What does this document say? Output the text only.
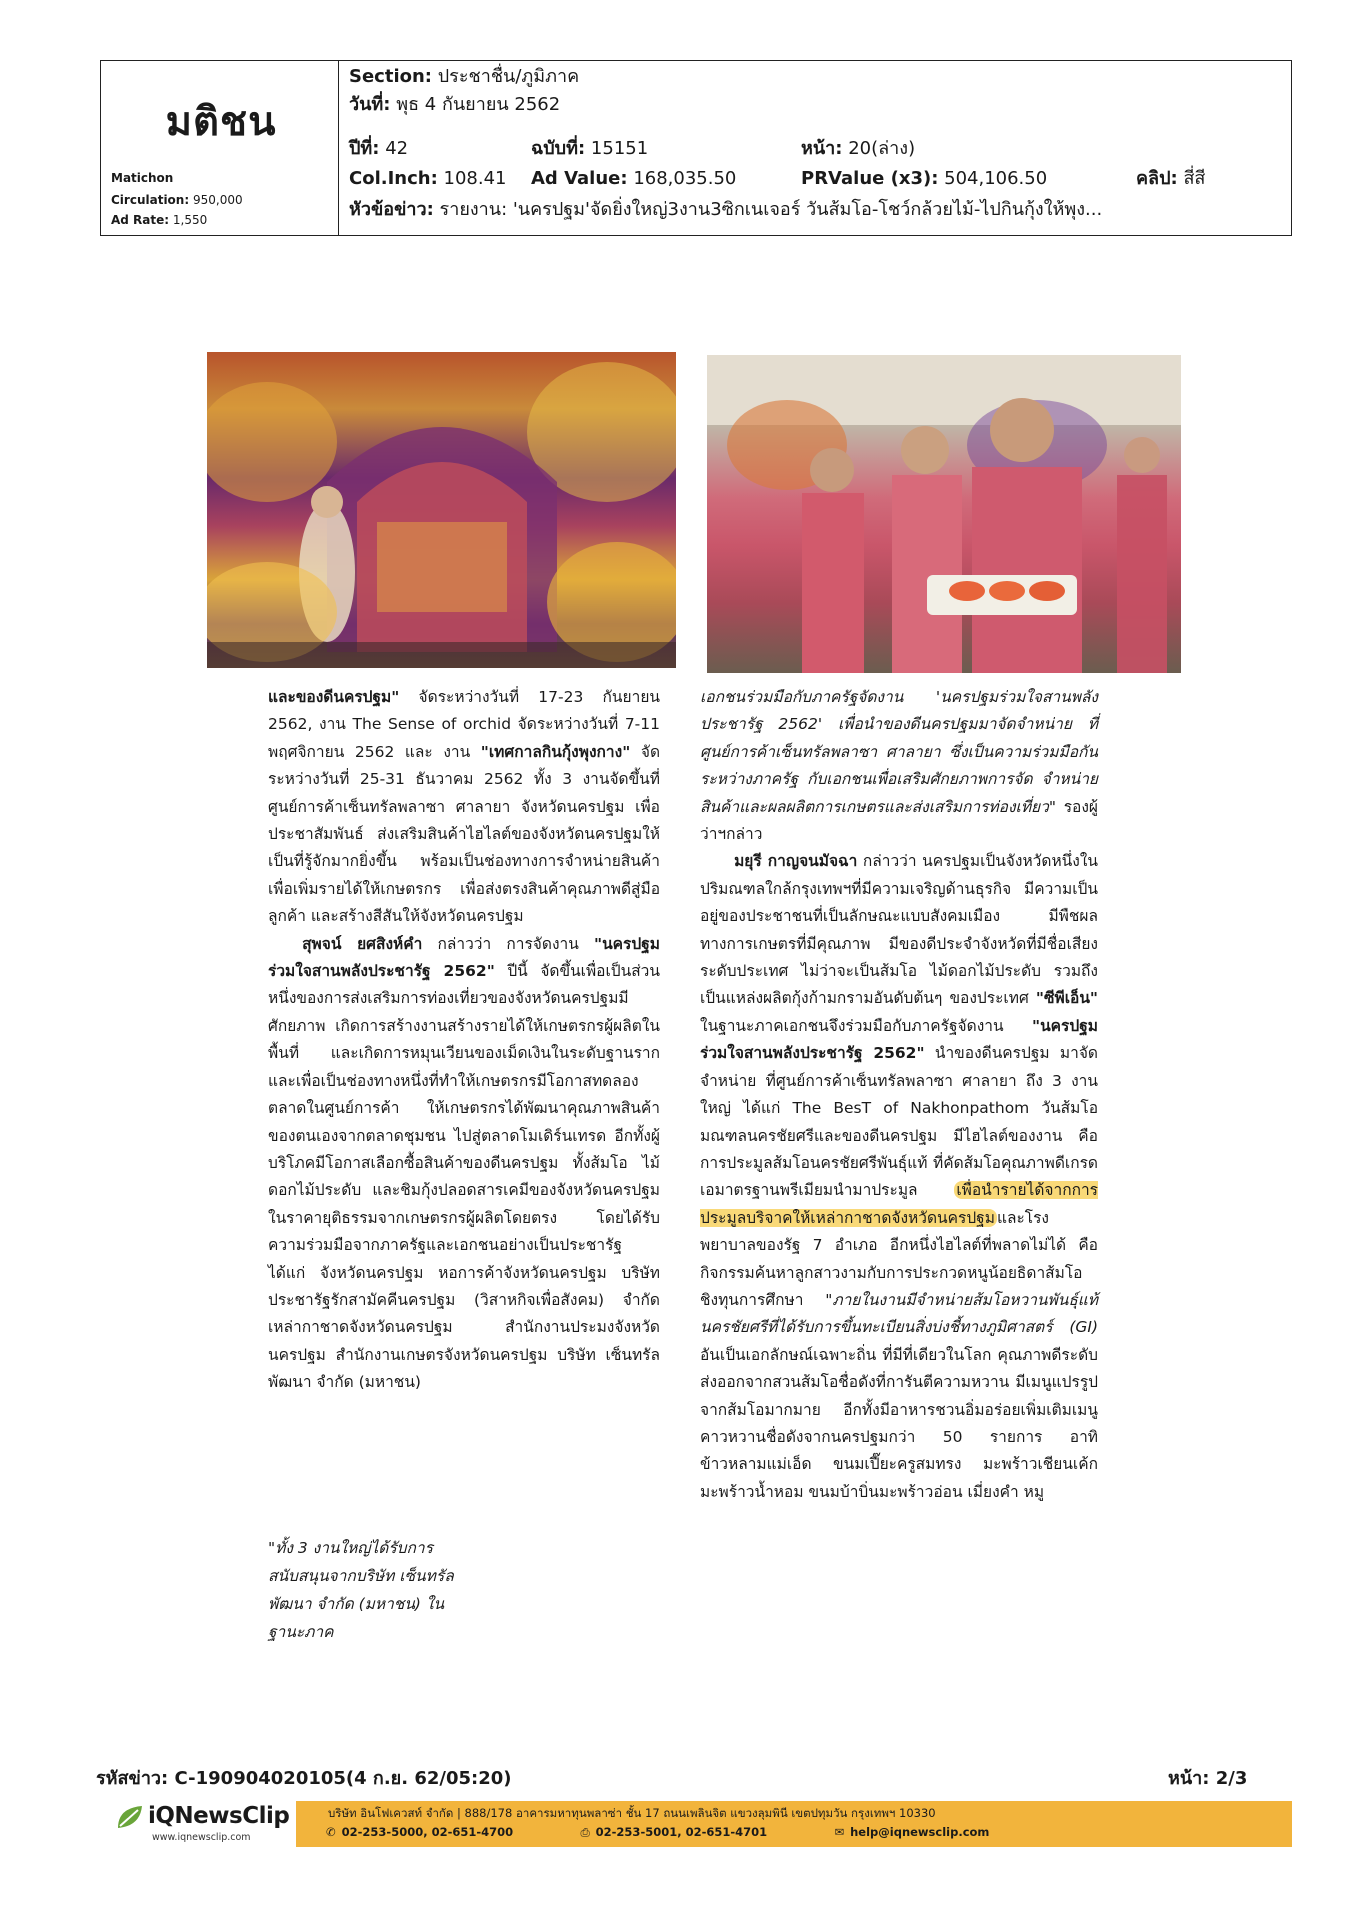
มติชน
Matichon
Circulation: 950,000
Ad Rate: 1,550
Section: ประชาชื่น/ภูมิภาค
วันที่: พุธ 4 กันยายน 2562
ปีที่: 42	ฉบับที่: 15151	หน้า: 20(ล่าง)
Col.Inch: 108.41 Ad Value: 168,035.50	PRValue (x3): 504,106.50	คลิป: สี่สี
หัวข้อข่าว: รายงาน: 'นครปฐม'จัดยิ่งใหญ่3งาน3ซิกเนเจอร์ วันส้มโอ-โชว์กล้วยไม้-ไปกินกุ้งให้พุง...

และของดีนครปฐม" จัดระหว่างวันที่ 17-23 กันยายน 2562, งาน The Sense of orchid จัดระหว่างวันที่ 7-11 พฤศจิกายน 2562 และ งาน "เทศกาลกินกุ้งพุงกาง" จัดระหว่างวันที่ 25-31 ธันวาคม 2562 ทั้ง 3 งานจัดขึ้นที่ศูนย์การค้าเซ็นทรัลพลาซา ศาลายา จังหวัดนครปฐม เพื่อประชาสัมพันธ์ ส่งเสริมสินค้าไฮไลต์ของจังหวัดนครปฐมให้เป็นที่รู้จักมากยิ่งขึ้น พร้อมเป็นช่องทางการจำหน่ายสินค้าเพื่อเพิ่มรายได้ให้เกษตรกร เพื่อส่งตรงสินค้าคุณภาพดีสู่มือลูกค้า และสร้างสีสันให้จังหวัดนครปฐม

สุพจน์ ยศสิงห์คำ กล่าวว่า การจัดงาน "นครปฐมร่วมใจสานพลังประชารัฐ 2562" ปีนี้ จัดขึ้นเพื่อเป็นส่วนหนึ่งของการส่งเสริมการท่องเที่ยวของจังหวัดนครปฐมมีศักยภาพ เกิดการสร้างงานสร้างรายได้ให้เกษตรกรผู้ผลิตในพื้นที่ และเกิดการหมุนเวียนของเม็ดเงินในระดับฐานราก และเพื่อเป็นช่องทางหนึ่งที่ทำให้เกษตรกรมีโอกาสทดลองตลาดในศูนย์การค้า ให้เกษตรกรได้พัฒนาคุณภาพสินค้าของตนเองจากตลาดชุมชน ไปสู่ตลาดโมเดิร์นเทรด อีกทั้งผู้บริโภคมีโอกาสเลือกซื้อสินค้าของดีนครปฐม ทั้งส้มโอ ไม้ดอกไม้ประดับ และชิมกุ้งปลอดสารเคมีของจังหวัดนครปฐมในราคายุติธรรมจากเกษตรกรผู้ผลิตโดยตรง โดยได้รับความร่วมมือจากภาครัฐและเอกชนอย่างเป็นประชารัฐ ได้แก่ จังหวัดนครปฐม หอการค้าจังหวัดนครปฐม บริษัท ประชารัฐรักสามัคคีนครปฐม (วิสาหกิจเพื่อสังคม) จำกัด เหล่ากาชาดจังหวัดนครปฐม สำนักงานประมงจังหวัดนครปฐม สำนักงานเกษตรจังหวัดนครปฐม บริษัท เซ็นทรัลพัฒนา จำกัด (มหาชน)

"ทั้ง 3 งานใหญ่ได้รับการสนับสนุนจากบริษัท เซ็นทรัลพัฒนา จำกัด (มหาชน) ในฐานะภาค

เอกชนร่วมมือกับภาครัฐจัดงาน 'นครปฐมร่วมใจสานพลังประชารัฐ 2562' เพื่อนำของดีนครปฐมมาจัดจำหน่าย ที่ศูนย์การค้าเซ็นทรัลพลาซา ศาลายา ซึ่งเป็นความร่วมมือกันระหว่างภาครัฐ กับเอกชนเพื่อเสริมศักยภาพการจัด จำหน่าย สินค้าและผลผลิตการเกษตรและส่งเสริมการท่องเที่ยว" รองผู้ว่าฯกล่าว

มยุรี กาญจนมัจฉา กล่าวว่า นครปฐมเป็นจังหวัดหนึ่งในปริมณฑลใกล้กรุงเทพฯที่มีความเจริญด้านธุรกิจ มีความเป็นอยู่ของประชาชนที่เป็นลักษณะแบบสังคมเมือง มีพืชผลทางการเกษตรที่มีคุณภาพ มีของดีประจำจังหวัดที่มีชื่อเสียงระดับประเทศ ไม่ว่าจะเป็นส้มโอ ไม้ดอกไม้ประดับ รวมถึงเป็นแหล่งผลิตกุ้งก้ามกรามอันดับต้นๆ ของประเทศ "ซีพีเอ็น" ในฐานะภาคเอกชนจึงร่วมมือกับภาครัฐจัดงาน "นครปฐมร่วมใจสานพลังประชารัฐ 2562" นำของดีนครปฐม มาจัดจำหน่าย ที่ศูนย์การค้าเซ็นทรัลพลาซา ศาลายา ถึง 3 งานใหญ่ ได้แก่ The BesT of Nakhonpathom วันส้มโอมณฑลนครชัยศรีและของดีนครปฐม มีไฮไลต์ของงาน คือ การประมูลส้มโอนครชัยศรีพันธุ์แท้ ที่คัดส้มโอคุณภาพดีเกรดเอมาตรฐานพรีเมียมนำมาประมูล เพื่อนำรายได้จากการประมูลบริจาคให้เหล่ากาชาดจังหวัดนครปฐม และโรงพยาบาลของรัฐ 7 อำเภอ อีกหนึ่งไฮไลต์ที่พลาดไม่ได้ คือ กิจกรรมค้นหาลูกสาวงามกับการประกวดหนูน้อยธิดาส้มโอ ชิงทุนการศึกษา "ภายในงานมีจำหน่ายส้มโอหวานพันธุ์แท้นครชัยศรีที่ได้รับการขึ้นทะเบียนสิ่งบ่งชี้ทางภูมิศาสตร์ (GI) อันเป็นเอกลักษณ์เฉพาะถิ่น ที่มีที่เดียวในโลก คุณภาพดีระดับส่งออกจากสวนส้มโอชื่อดังที่การันตีความหวาน มีเมนูแปรรูปจากส้มโอมากมาย อีกทั้งมีอาหารชวนอิ่มอร่อยเพิ่มเติมเมนูคาวหวานชื่อดังจากนครปฐมกว่า 50 รายการ อาทิ ข้าวหลามแม่เอ็ด ขนมเปี๊ยะครูสมทรง มะพร้าวเชียนเค้กมะพร้าวน้ำหอม ขนมบ้าบิ่นมะพร้าวอ่อน เมี่ยงคำ หมู

รหัสข่าว: C-190904020105(4 ก.ย. 62/05:20)	หน้า: 2/3
iQNewsClip
www.iqnewsclip.com
บริษัท อินโฟเควสท์ จำกัด | 888/178 อาคารมหาทุนพลาซ่า ชั้น 17 ถนนเพลินจิต แขวงลุมพินี เขตปทุมวัน กรุงเทพฯ 10330
✆ 02-253-5000, 02-651-4700	⎙ 02-253-5001, 02-651-4701	✉ help@iqnewsclip.com
